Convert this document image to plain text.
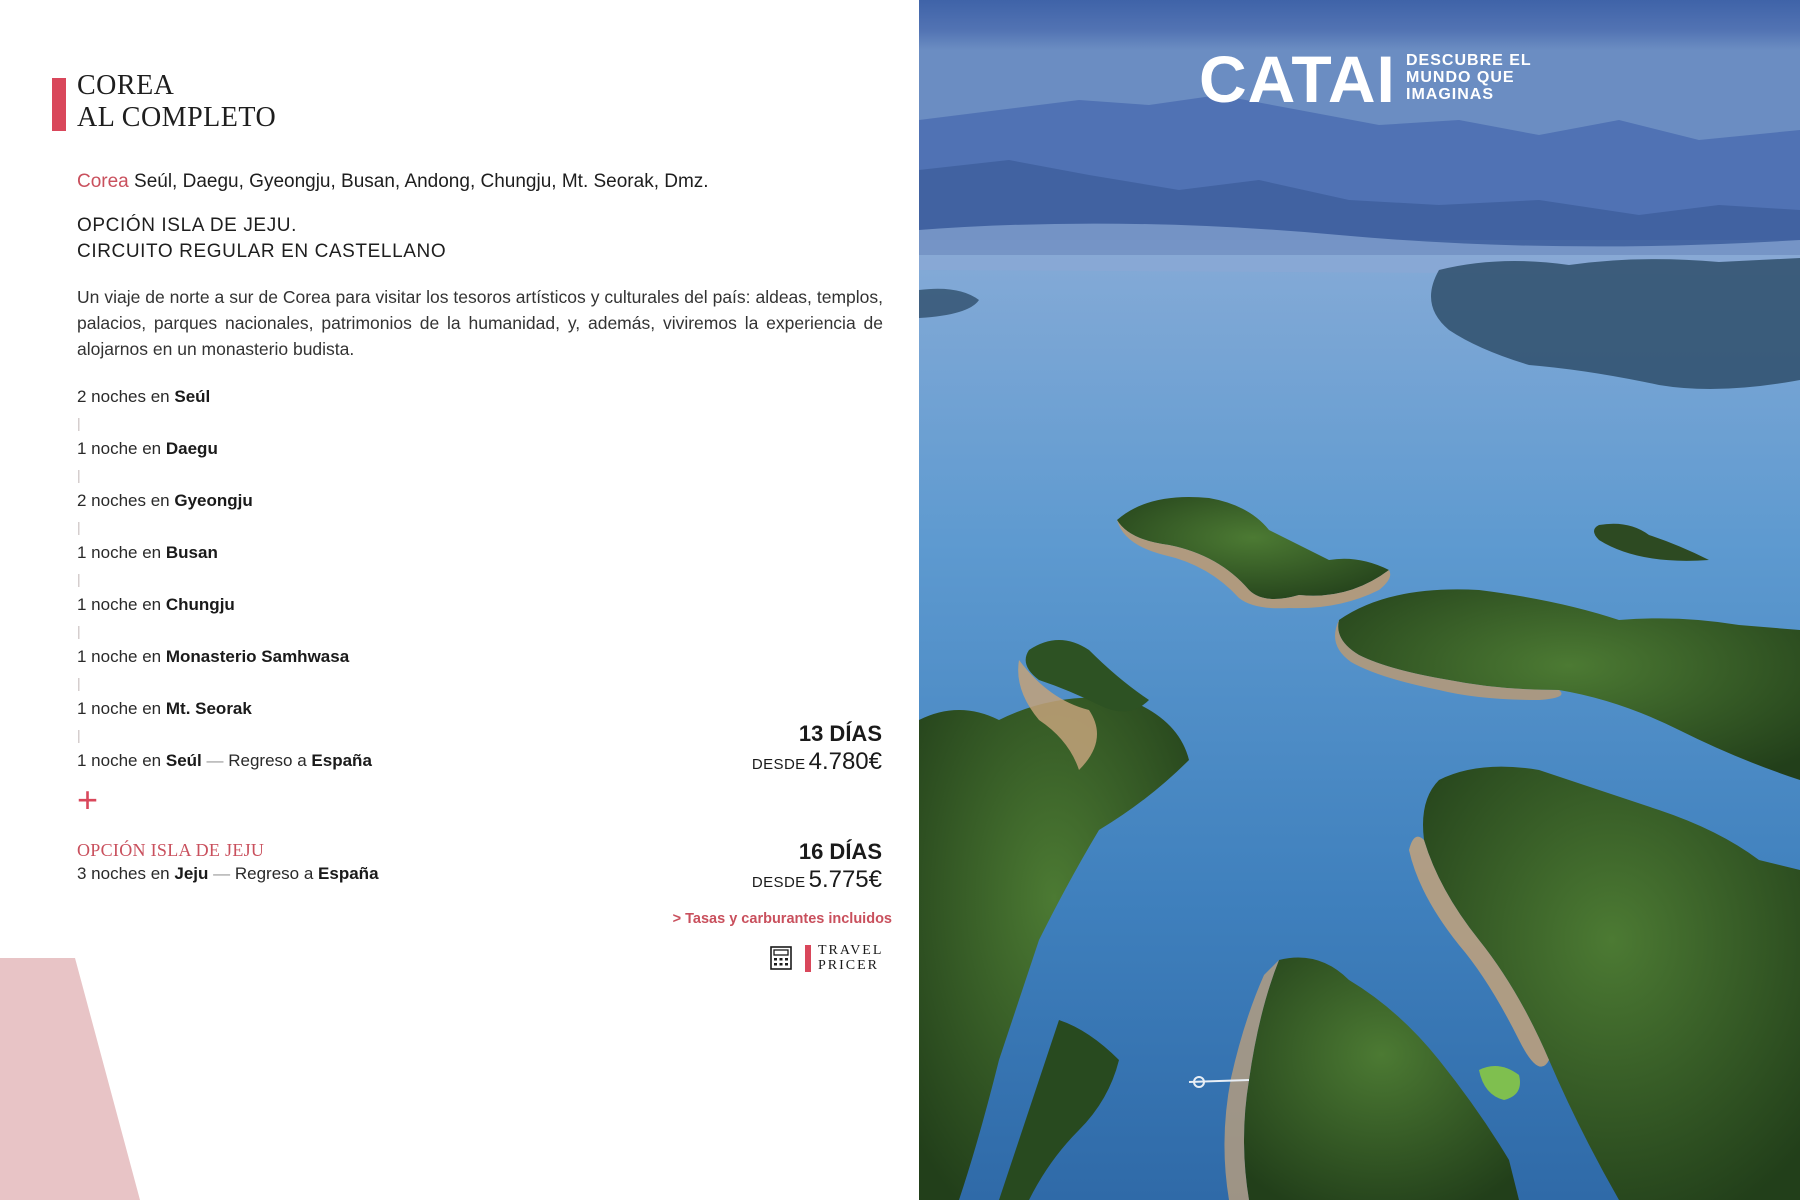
COREA
AL COMPLETO
Corea Seúl, Daegu, Gyeongju, Busan, Andong, Chungju, Mt. Seorak, Dmz.
OPCIÓN ISLA DE JEJU.
CIRCUITO REGULAR EN CASTELLANO
Un viaje de norte a sur de Corea para visitar los tesoros artísticos y culturales del país: aldeas, templos, palacios, parques nacionales, patrimonios de la humanidad, y, además, viviremos la experiencia de alojarnos en un monasterio budista.
2 noches en Seúl
|
1 noche en Daegu
|
2 noches en Gyeongju
|
1 noche en Busan
|
1 noche en Chungju
|
1 noche en Monasterio Samhwasa
|
1 noche en Mt. Seorak
|
1 noche en Seúl — Regreso a España
+
OPCIÓN ISLA DE JEJU
3 noches en Jeju — Regreso a España
13 DÍAS
DESDE 4.780€
16 DÍAS
DESDE 5.775€
> Tasas y carburantes incluidos
TRAVEL
PRICER
CATAI DESCUBRE EL
MUNDO QUE
IMAGINAS
